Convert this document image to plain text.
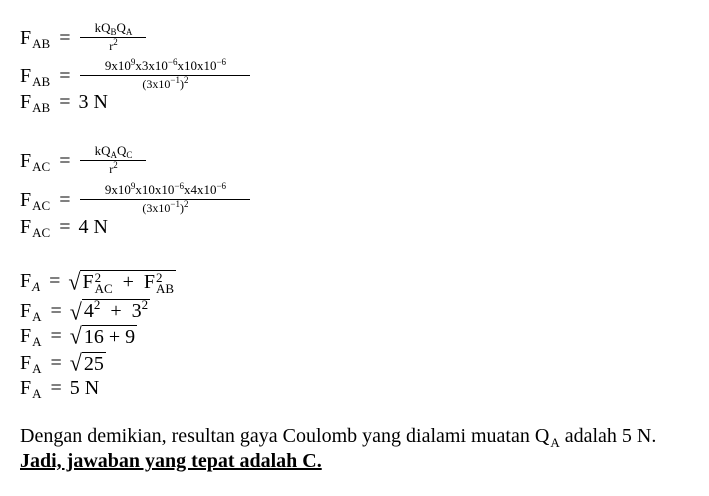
F AB = $\frac{kQ_BQ_A}{r^2}$
F AB = $\frac{9x10^9x3x10^{-6}x10x10^{-6}}{(3x10^{-1})^2}$
F AB = 3 N
F AC = $\frac{kQ_AQ_C}{r^2}$
F AC = $\frac{9x10^9x10x10^{-6}x4x10^{-6}}{(3x10^{-1})^2}$
F AC = 4 N
F A = √ F 2
AC + F 2
AB
F A = √ $4^2 + 3^2$
F A = √ 16 + 9
F A = √ 25
F A = 5 N
Dengan demikian, resultan gaya Coulomb yang dialami muatan $Q_A$ adalah 5 N.
Jadi, jawaban yang tepat adalah C.
